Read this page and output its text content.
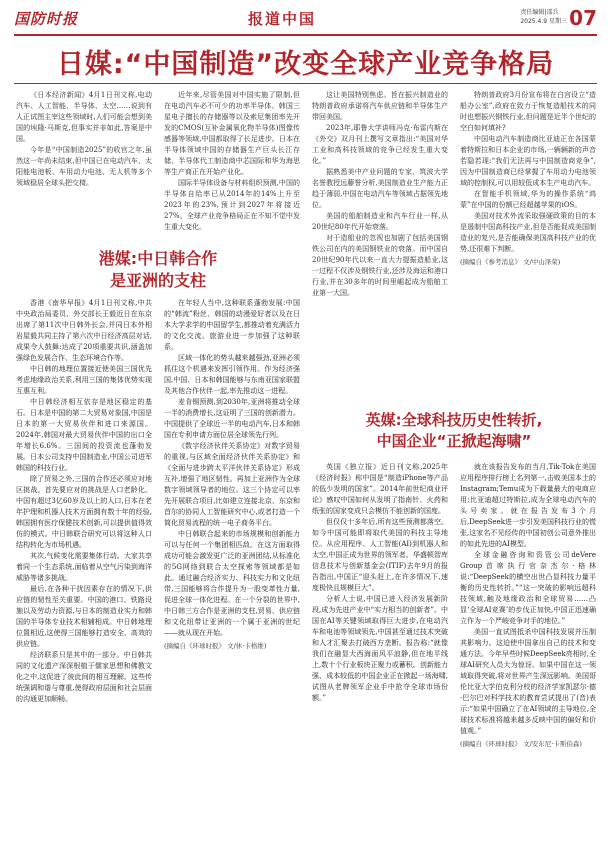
国防时报	报道中国	责任编辑|邵兵
2025.4.9 星期三 07
日媒:“中国制造”改变全球产业竞争格局

《日本经济新闻》4月1日刊文称,电动汽车、人工智能、半导体、太空……说到有人正试图主宰这些领域时,人们可能会想到美国的埃隆·马斯克,但事实并非如此,答案是中国。

今年是“中国制造2025”的收官之年,虽然这一年尚未结束,但中国已在电动汽车、太阳能电池板、车用动力电池、无人机等多个领域稳居全球头把交椅。

近年来,尽管美国对中国实施了限制,但在电动汽车必不可少的功率半导体、韩国三星电子擅长的存储器等以及索尼集团率先开发的CMOS(互补金属氧化物半导体)图像传感器等领域,中国都取得了长足进步。日本在半导体领域中国的存储器生产巨头长江存储、半导体代工制造商中芯国际和华为海思等生产商正在开始产业化。

国际半导体设备与材料组织预测,中国的半导体自给率已从2014年的14%上升至2023年的23%,预计到2027年将接近27%。全球产业竞争格局正在不知不觉中发生重大变化。

这让美国特别焦虑。旨在振兴制造业的特朗普政府承诺将汽车供应链和半导体生产带回美国。

2023年,耶鲁大学讲师冯克·布雷内斯在《外交》双月刊上撰写文章指出:“美国对华工业和高科技领域的竞争已经发生重大变化。”

据熟悉美中产业问题的专家、筑波大学名誉教授远藤誉分析,美国制造业生产能力正趋于薄弱,中国在电动汽车等领域占据领先地位。

美国的船舶制造业和汽车行业一样,从20世纪80年代开始衰落。

对于造船业的忽视也加剧了包括美国钢铁公司在内的美国钢铁业的衰落。而中国自20世纪90年代以来一直大力提振造船业,这一过程不仅涉及钢铁行业,还涉及海运和港口行业,并在30多年的时间里崛起成为船舶工业第一大国。

特朗普政府3月份宣布将在白宫设立“造船办公室”,政府在致力于恢复造船技术的同时也想振兴钢铁行业,但问题是近半个世纪的空白如何填补?

中国电动汽车制造商比亚迪正在各国蒙着特斯拉和日本企业的市场,一辆辆新的声音若隐若现:“我们无法再与中国制造商竞争”,因为中国制造商已经掌握了车用动力电池领域的控制权,可以用较低成本生产电动汽车。

在智能手机领域,华为的操作系统“鸿蒙”在中国的份额已经超越苹果的iOS。

美国对技术外流采取强硬政策的目的本是遏制中国高科技产业,但是否能促成美国制造业的复兴,是否能确保美国高科技产业的优势,还很难下判断。

(摘编自《参考消息》 文/中山泽荣)
港媒:中日韩合作
是亚洲的支柱

香港《南华早报》4月1日刊文称,中共中央政治局委员、外交部长王毅近日在东京出席了第11次中日韩外长会,并同日本外相岩屋毅共同主持了第六次中日经济高层对话,成果令人鼓舞:达成了20项重要共识,涵盖加强绿色发展合作、生态环境合作等。

中日韩的地理位置接近使美国三国优先考虑地缘政治关系,利用三国的集体优势实现互惠互利。

中日韩经济相互依存是地区稳定的基石。日本是中国的第二大贸易对象国,中国是日本的第一大贸易伙伴和进口来源国。2024年,韩国对最大贸易伙伴中国的出口全年增长6.6%。三国间的投资流也蓬勃发展。日本公司支持中国制造业,中国公司进军韩国的科技行业。

除了贸易之外,三国的合作还必须应对地区挑战。首先要应对的挑战是人口老龄化。中国有超过3亿60岁及以上的人口,日本在老年护理和机器人技术方面拥有数十年的经验,韩国拥有医疗保健技术创新,可以提供值得效仿的模式。中日韩联合研究可以将这种人口结构转化为市场机遇。

其次,气候变化需要集体行动。大家共享着同一个生态系统,面临着从空气污染到海洋威胁等诸多挑战。

最后,在各种干扰因素存在的情况下,供应链的韧性至关重要。中国的港口、铁路设施以及劳动力资源,与日本的制造业实力和韩国的半导体专业技术相辅相成。中日韩地理位置相近,这使得三国能够打造安全、高效的供应链。

经济联系只是其中的一部分。中日韩共同的文化遗产深深根植于儒家思想和佛教文化之中,这促进了彼此间的相互理解。这些传统强调和谐与尊重,使得政府层面和社会层面的沟通更加顺畅。

在年轻人当中,这种联系蓬勃发展:中国的“韩流”粉丝、韩国的动漫爱好者以及在日本大学求学的中国留学生,都推动着充满活力的文化交流。旅游业进一步加强了这种联系。

区域一体化的势头越来越强劲,亚洲必须抓住这个机遇来发挥引领作用。作为经济强国,中国、日本和韩国能够与东南亚国家联盟及其他合作伙伴一起,率先推动这一进程。

麦肯锡预测,到2030年,亚洲将推动全球一半的消费增长,这证明了三国的创新潜力。中国提供了全球近一半的电动汽车,日本和韩国在专利申请方面位居全球领先行列。

《数字经济伙伴关系协定》对数字贸易的重视,与区域全面经济伙伴关系协定》和《全面与进步跨太平洋伙伴关系协定》形成互补,增强了地区韧性。再加上亚洲作为全球数字领域领导者的地位。这三个协定可以率先开展联合项目,比如建立连接北京、东京和首尔的协同人工智能研究中心,或者打造一个简化贸易流程的统一电子商务平台。

中日韩联合起来的市场规模和创新能力可以与任何一个集团相匹敌。在这方面取得成功可能会激发更广泛的亚洲团结,从标准化的5G网络到联合太空探索等领域都是如此。通过融合经济实力、科技实力和文化纽带,三国能够将合作提升为一股变革性力量,促进全球一体化进程。在一个分裂的世界中,中日韩三方合作是亚洲的支柱,贸易、供应链和文化纽带让亚洲的一个属于亚洲的世纪——就从现在开始。

(摘编自《环球时报》 文/休·卡格维)
英媒:全球科技历史性转折,
中国企业“正掀起海啸”

英国《独立报》近日刊文称,2025年《经济时报》称中国是“制造iPhone等产品的低少发明的国家”。2014年前世纪商业评论》感叹中国如何从发明了指南针、火药和纸张的国家变成只会模仿不能创新的国度。

但仅仅十多年后,所有这些预测都落空。如今中国可能即将取代美国的科技主导地位。从应用程序、人工智能(AI)到机器人和太空,中国正成为世界的领军者。华盛顿智库信息技术与创新基金会(ITIF)去年9月的报告指出,中国正“迎头赶上,在许多情况下,速度极快且规模巨大”。

分析人士说,中国已进入经济发展新阶段,成为先进产业中“实力相当的创新者”。中国在AI等关键领域取得巨大进步,在电动汽车和电池等领域领先,中国甚至通过技术突破和人才汇聚去打破西方垄断。报告称:“就像我们在融显大西海面风平浪静,但在地平线上,数十个行业板块正聚力或蓄积。创新能力强、成本较低的中国企业正在掀起一场海啸,试图从老牌领军企业手中抢夺全球市场份额。”

就在该报告发布的当月,Tik-Tok在美国应用程序排行榜上名列第一,击败美国本土的Instagram;Temu成为下载量最大的电商应用;比亚迪超过特斯拉,成为全球电动汽车的头号卖家。就在报告发布3个月后,DeepSeek进一步引发美国科技行业的慌张,这家名不见经传的中国初创公司意外推出的如此先进的AI模型。

全球金融咨询和资管公司deVere Group首席执行官奈杰尔·格林说:“DeepSeek的横空出世凸显科技力量平衡的历史性转折。”“这一突破的影响远超科技领域,触及地缘政治和全球贸易……凸显‘全球AI竞赛’的步伐正加快,中国正迅速确立作为一个严峻竞争对手的地位。”

美国一直试图抵杀中国科技发展并压制其影响力。这迫使中国拿出自己的技术和变通方法。今年早些时候DeepSeek亮相时,全球AI研究人员大为惊讶。如果中国在这一领域取得突破,将对世界产生深远影响。美国哥伦比亚大学伯克利分校的经济学家凯瑟尔·德·巴尔巴对科学技术的教育尝试提出了(音)表示:“如果中国确立了在AI领域的主导地位,全球技术标准将越来越多反映中国的偏好和价值观。”

(摘编自《环球时报》 文/安东尼·卡斯伯森)
